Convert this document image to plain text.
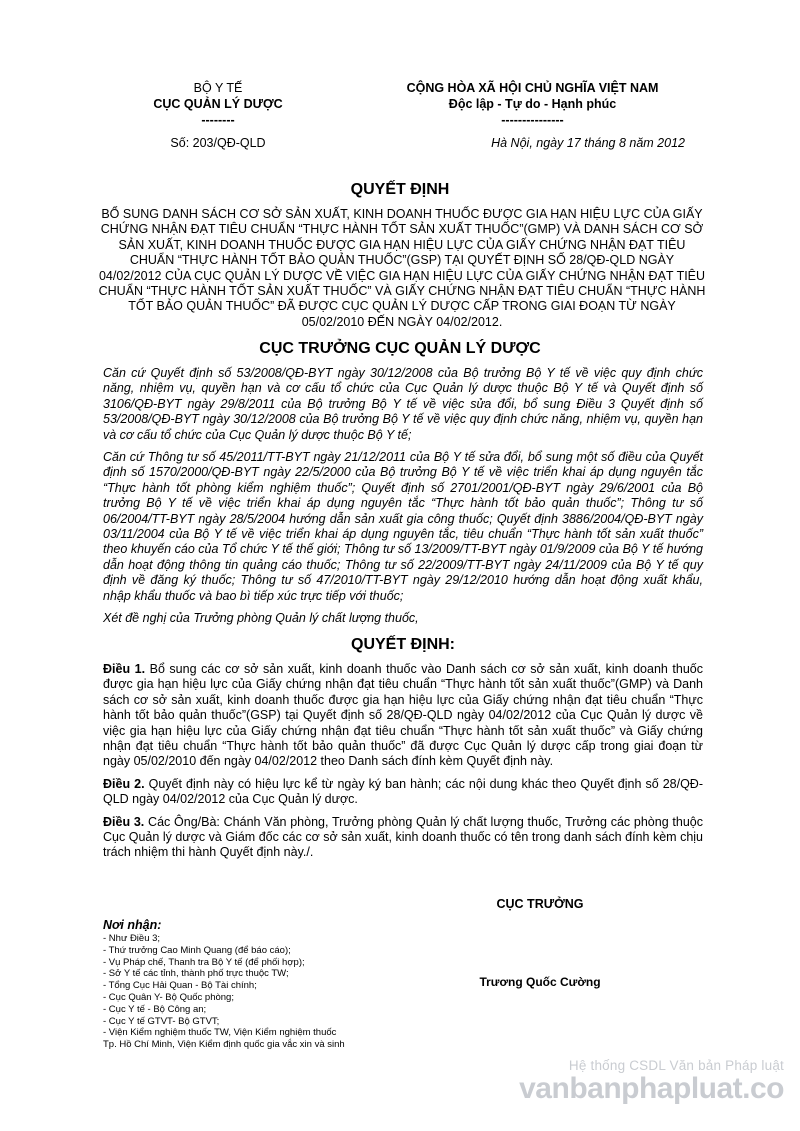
BỘ Y TẾ
CỤC QUẢN LÝ DƯỢC
--------
CỘNG HÒA XÃ HỘI CHỦ NGHĨA VIỆT NAM
Độc lập - Tự do - Hạnh phúc
---------------
Số: 203/QĐ-QLD	Hà Nội, ngày 17 tháng 8 năm 2012
QUYẾT ĐỊNH
BỔ SUNG DANH SÁCH CƠ SỞ SẢN XUẤT, KINH DOANH THUỐC ĐƯỢC GIA HẠN HIỆU LỰC CỦA GIẤY CHỨNG NHẬN ĐẠT TIÊU CHUẨN “THỰC HÀNH TỐT SẢN XUẤT THUỐC”(GMP) VÀ DANH SÁCH CƠ SỞ SẢN XUẤT, KINH DOANH THUỐC ĐƯỢC GIA HẠN HIỆU LỰC CỦA GIẤY CHỨNG NHẬN ĐẠT TIÊU CHUẨN “THỰC HÀNH TỐT BẢO QUẢN THUỐC”(GSP) TẠI QUYẾT ĐỊNH SỐ 28/QĐ-QLD NGÀY 04/02/2012 CỦA CỤC QUẢN LÝ DƯỢC VỀ VIỆC GIA HẠN HIỆU LỰC CỦA GIẤY CHỨNG NHẬN ĐẠT TIÊU CHUẨN “THỰC HÀNH TỐT SẢN XUẤT THUỐC” VÀ GIẤY CHỨNG NHẬN ĐẠT TIÊU CHUẨN “THỰC HÀNH TỐT BẢO QUẢN THUỐC” ĐÃ ĐƯỢC CỤC QUẢN LÝ DƯỢC CẤP TRONG GIAI ĐOẠN TỪ NGÀY 05/02/2010 ĐẾN NGÀY 04/02/2012.
CỤC TRƯỞNG CỤC QUẢN LÝ DƯỢC

Căn cứ Quyết định số 53/2008/QĐ-BYT ngày 30/12/2008 của Bộ trưởng Bộ Y tế về việc quy định chức năng, nhiệm vụ, quyền hạn và cơ cấu tổ chức của Cục Quản lý dược thuộc Bộ Y tế và Quyết định số 3106/QĐ-BYT ngày 29/8/2011 của Bộ trưởng Bộ Y tế về việc sửa đổi, bổ sung Điều 3 Quyết định số 53/2008/QĐ-BYT ngày 30/12/2008 của Bộ trưởng Bộ Y tế về việc quy định chức năng, nhiệm vụ, quyền hạn và cơ cấu tổ chức của Cục Quản lý dược thuộc Bộ Y tế;

Căn cứ Thông tư số 45/2011/TT-BYT ngày 21/12/2011 của Bộ Y tế sửa đổi, bổ sung một số điều của Quyết định số 1570/2000/QĐ-BYT ngày 22/5/2000 của Bộ trưởng Bộ Y tế về việc triển khai áp dụng nguyên tắc “Thực hành tốt phòng kiểm nghiệm thuốc”; Quyết định số 2701/2001/QĐ-BYT ngày 29/6/2001 của Bộ trưởng Bộ Y tế về việc triển khai áp dụng nguyên tắc “Thực hành tốt bảo quản thuốc”; Thông tư số 06/2004/TT-BYT ngày 28/5/2004 hướng dẫn sản xuất gia công thuốc; Quyết định 3886/2004/QĐ-BYT ngày 03/11/2004 của Bộ Y tế về việc triển khai áp dụng nguyên tắc, tiêu chuẩn “Thực hành tốt sản xuất thuốc” theo khuyến cáo của Tổ chức Y tế thế giới; Thông tư số 13/2009/TT-BYT ngày 01/9/2009 của Bộ Y tế hướng dẫn hoạt động thông tin quảng cáo thuốc; Thông tư số 22/2009/TT-BYT ngày 24/11/2009 của Bộ Y tế quy định về đăng ký thuốc; Thông tư số 47/2010/TT-BYT ngày 29/12/2010 hướng dẫn hoạt động xuất khẩu, nhập khẩu thuốc và bao bì tiếp xúc trực tiếp với thuốc;

Xét đề nghị của Trưởng phòng Quản lý chất lượng thuốc,

QUYẾT ĐỊNH:

Điều 1. Bổ sung các cơ sở sản xuất, kinh doanh thuốc vào Danh sách cơ sở sản xuất, kinh doanh thuốc được gia hạn hiệu lực của Giấy chứng nhận đạt tiêu chuẩn “Thực hành tốt sản xuất thuốc”(GMP) và Danh sách cơ sở sản xuất, kinh doanh thuốc được gia hạn hiệu lực của Giấy chứng nhận đạt tiêu chuẩn “Thực hành tốt bảo quản thuốc”(GSP) tại Quyết định số 28/QĐ-QLD ngày 04/02/2012 của Cục Quản lý dược về việc gia hạn hiệu lực của Giấy chứng nhận đạt tiêu chuẩn “Thực hành tốt sản xuất thuốc” và Giấy chứng nhận đạt tiêu chuẩn “Thực hành tốt bảo quản thuốc” đã được Cục Quản lý dược cấp trong giai đoạn từ ngày 05/02/2010 đến ngày 04/02/2012 theo Danh sách đính kèm Quyết định này.

Điều 2. Quyết định này có hiệu lực kể từ ngày ký ban hành; các nội dung khác theo Quyết định số 28/QĐ-QLD ngày 04/02/2012 của Cục Quản lý dược.

Điều 3. Các Ông/Bà: Chánh Văn phòng, Trưởng phòng Quản lý chất lượng thuốc, Trưởng các phòng thuộc Cục Quản lý dược và Giám đốc các cơ sở sản xuất, kinh doanh thuốc có tên trong danh sách đính kèm chịu trách nhiệm thi hành Quyết định này./.

CỤC TRƯỞNG
Trương Quốc Cường
Nơi nhận:
- Như Điều 3;
- Thứ trưởng Cao Minh Quang (để báo cáo);
- Vụ Pháp chế, Thanh tra Bộ Y tế (để phối hợp);
- Sở Y tế các tỉnh, thành phố trực thuộc TW;
- Tổng Cục Hải Quan - Bộ Tài chính;
- Cục Quân Y- Bộ Quốc phòng;
- Cục Y tế - Bộ Công an;
- Cục Y tế GTVT- Bộ GTVT;
- Viện Kiểm nghiệm thuốc TW, Viện Kiểm nghiệm thuốc
Tp. Hồ Chí Minh, Viện Kiểm định quốc gia vắc xin và sinh
Hệ thống CSDL Văn bản Pháp luật
vanbanphapluat.co
